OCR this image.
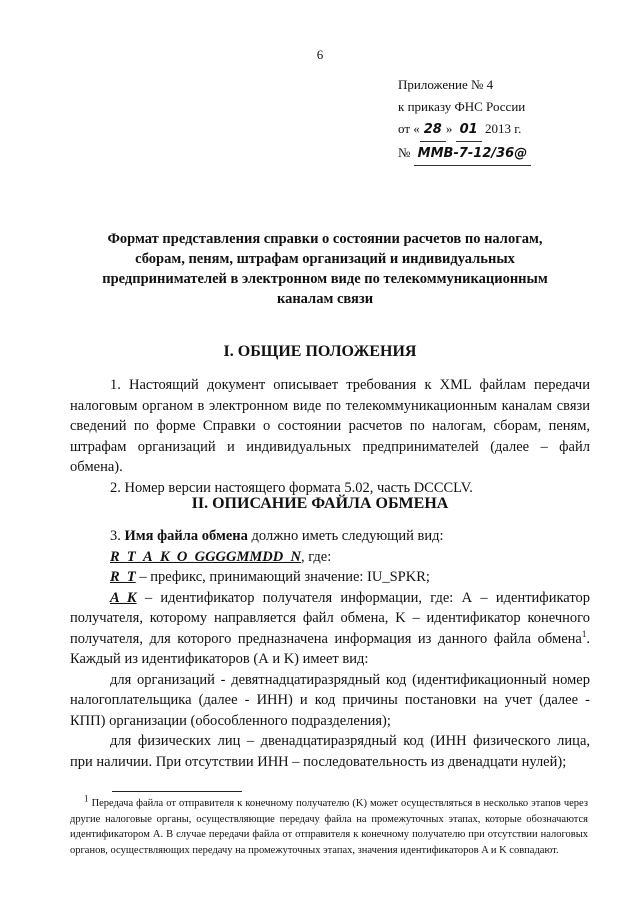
6
Приложение № 4
к приказу ФНС России
от « 28 » 01 2013 г.
№ ММВ-7-12/36@
Формат представления справки о состоянии расчетов по налогам, сборам, пеням, штрафам организаций и индивидуальных предпринимателей в электронном виде по телекоммуникационным каналам связи
I. ОБЩИЕ ПОЛОЖЕНИЯ

1. Настоящий документ описывает требования к XML файлам передачи налоговым органом в электронном виде по телекоммуникационным каналам связи сведений по форме Справки о состоянии расчетов по налогам, сборам, пеням, штрафам организаций и индивидуальных предпринимателей (далее – файл обмена).

2. Номер версии настоящего формата 5.02, часть DCCCLV.

II. ОПИСАНИЕ ФАЙЛА ОБМЕНА

3. Имя файла обмена должно иметь следующий вид:

R_T_A_K_O_GGGGMMDD_N, где:

R_T – префикс, принимающий значение: IU_SPKR;

A_K – идентификатор получателя информации, где: А – идентификатор получателя, которому направляется файл обмена, K – идентификатор конечного получателя, для которого предназначена информация из данного файла обмена$^1$. Каждый из идентификаторов (А и K) имеет вид:

для организаций - девятнадцатиразрядный код (идентификационный номер налогоплательщика (далее - ИНН) и код причины постановки на учет (далее - КПП) организации (обособленного подразделения);

для физических лиц – двенадцатиразрядный код (ИНН физического лица, при наличии. При отсутствии ИНН – последовательность из двенадцати нулей);

$^1$ Передача файла от отправителя к конечному получателю (K) может осуществляться в несколько этапов через другие налоговые органы, осуществляющие передачу файла на промежуточных этапах, которые обозначаются идентификатором А. В случае передачи файла от отправителя к конечному получателю при отсутствии налоговых органов, осуществляющих передачу на промежуточных этапах, значения идентификаторов A и K совпадают.
